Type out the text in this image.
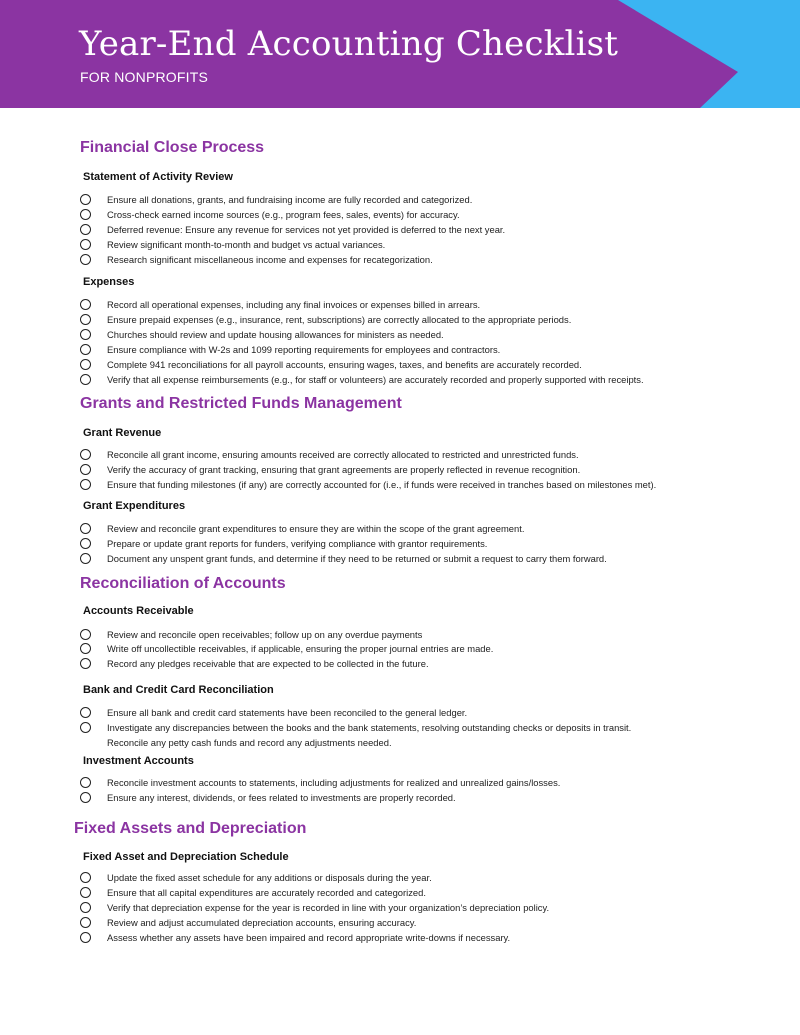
Year-End Accounting Checklist
FOR NONPROFITS
Financial Close Process
Statement of Activity Review
Ensure all donations, grants, and fundraising income are fully recorded and categorized.
Cross-check earned income sources (e.g., program fees, sales, events) for accuracy.
Deferred revenue: Ensure any revenue for services not yet provided is deferred to the next year.
Review significant month-to-month and budget vs actual variances.
Research significant miscellaneous income and expenses for recategorization.
Expenses
Record all operational expenses, including any final invoices or expenses billed in arrears.
Ensure prepaid expenses (e.g., insurance, rent, subscriptions) are correctly allocated to the appropriate periods.
Churches should review and update housing allowances for ministers as needed.
Ensure compliance with W-2s and 1099 reporting requirements for employees and contractors.
Complete 941 reconciliations for all payroll accounts, ensuring wages, taxes, and benefits are accurately recorded.
Verify that all expense reimbursements (e.g., for staff or volunteers) are accurately recorded and properly supported with receipts.
Grants and Restricted Funds Management
Grant Revenue
Reconcile all grant income, ensuring amounts received are correctly allocated to restricted and unrestricted funds.
Verify the accuracy of grant tracking, ensuring that grant agreements are properly reflected in revenue recognition.
Ensure that funding milestones (if any) are correctly accounted for (i.e., if funds were received in tranches based on milestones met).
Grant Expenditures
Review and reconcile grant expenditures to ensure they are within the scope of the grant agreement.
Prepare or update grant reports for funders, verifying compliance with grantor requirements.
Document any unspent grant funds, and determine if they need to be returned or submit a request to carry them forward.
Reconciliation of Accounts
Accounts Receivable
Review and reconcile open receivables; follow up on any overdue payments
Write off uncollectible receivables, if applicable, ensuring the proper journal entries are made.
Record any pledges receivable that are expected to be collected in the future.
Bank and Credit Card Reconciliation
Ensure all bank and credit card statements have been reconciled to the general ledger.
Investigate any discrepancies between the books and the bank statements, resolving outstanding checks or deposits in transit.
Reconcile any petty cash funds and record any adjustments needed.
Investment Accounts
Reconcile investment accounts to statements, including adjustments for realized and unrealized gains/losses.
Ensure any interest, dividends, or fees related to investments are properly recorded.
Fixed Assets and Depreciation
Fixed Asset and Depreciation Schedule
Update the fixed asset schedule for any additions or disposals during the year.
Ensure that all capital expenditures are accurately recorded and categorized.
Verify that depreciation expense for the year is recorded in line with your organization’s depreciation policy.
Review and adjust accumulated depreciation accounts, ensuring accuracy.
Assess whether any assets have been impaired and record appropriate write-downs if necessary.
